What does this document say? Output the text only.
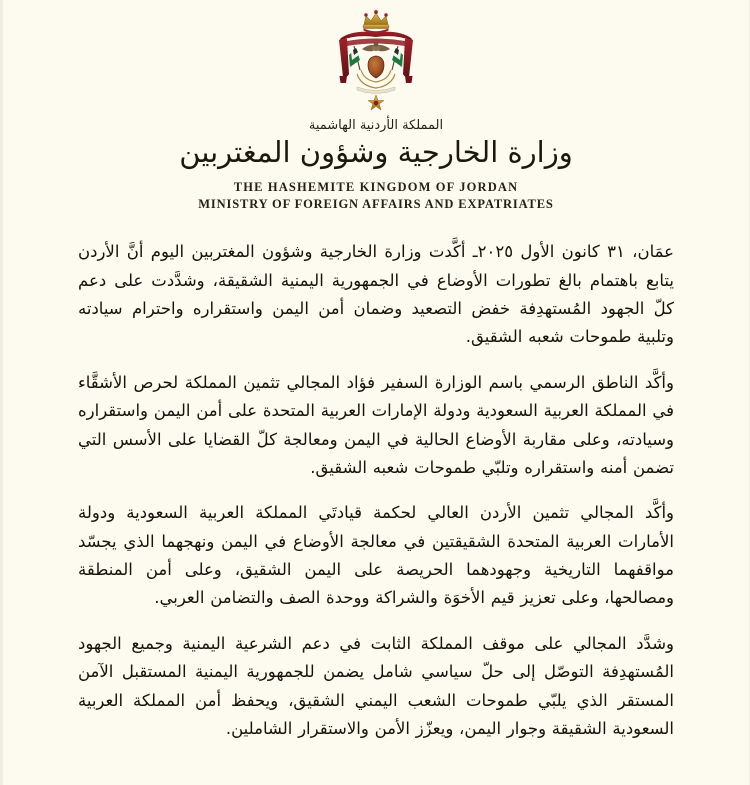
المملكة الأردنية الهاشمية
وزارة الخارجية وشؤون المغتربين
THE HASHEMITE KINGDOM OF JORDAN
MINISTRY OF FOREIGN AFFAIRS AND EXPATRIATES

عمَان، ٣١ كانون الأول ٢٠٢٥ـ أكَّدت وزارة الخارجية وشؤون المغتربين اليوم أنَّ الأردن يتابع باهتمام بالغ تطورات الأوضاع في الجمهورية اليمنية الشقيقة، وشدَّدت على دعم كلّ الجهود المُستهدِفة خفض التصعيد وضمان أمن اليمن واستقراره واحترام سيادته وتلبية طموحات شعبه الشقيق.

وأكَّد الناطق الرسمي باسم الوزارة السفير فؤاد المجالي تثمين المملكة لحرص الأشقَّاء في المملكة العربية السعودية ودولة الإمارات العربية المتحدة على أمن اليمن واستقراره وسيادته، وعلى مقاربة الأوضاع الحالية في اليمن ومعالجة كلّ القضايا على الأسس التي تضمن أمنه واستقراره وتلبّي طموحات شعبه الشقيق.

وأكَّد المجالي تثمين الأردن العالي لحكمة قيادتَي المملكة العربية السعودية ودولة الأمارات العربية المتحدة الشقيقتين في معالجة الأوضاع في اليمن ونهجهما الذي يجسّد مواقفهما التاريخية وجهودهما الحريصة على اليمن الشقيق، وعلى أمن المنطقة ومصالحها، وعلى تعزيز قيم الأخوَة والشراكة ووحدة الصف والتضامن العربي.

وشدَّد المجالي على موقف المملكة الثابت في دعم الشرعية اليمنية وجميع الجهود المُستهدِفة التوصّل إلى حلّ سياسي شامل يضمن للجمهورية اليمنية المستقبل الآمن المستقر الذي يلبّي طموحات الشعب اليمني الشقيق، ويحفظ أمن المملكة العربية السعودية الشقيقة وجوار اليمن، ويعزّز الأمن والاستقرار الشاملين.
